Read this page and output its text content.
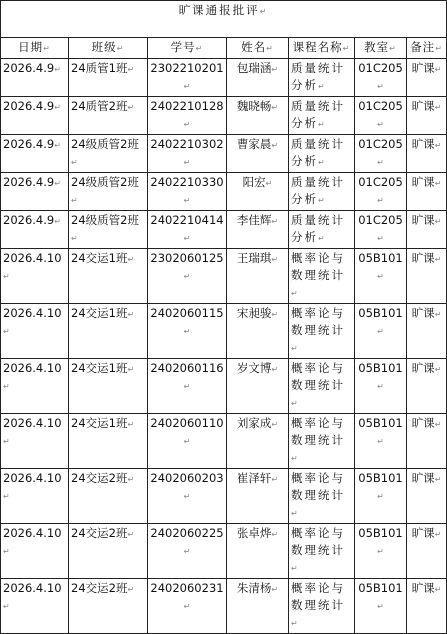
旷课通报批评↵						
日期↵	班级↵	学号↵	姓名↵	课程名称↵	教室↵	备注↵
2026.4.9↵	24质管1班↵	2302210201↵	包瑞涵↵	质量统计分析↵	01C205↵	旷课↵
2026.4.9↵	24质管2班↵	2402210128↵	魏晓畅↵	质量统计分析↵	01C205↵	旷课↵
2026.4.9↵	24级质管2班↵	2402210302↵	曹家晨↵	质量统计分析↵	01C205↵	旷课↵
2026.4.9↵	24级质管2班↵	2402210330↵	阳宏↵	质量统计分析↵	01C205↵	旷课↵
2026.4.9↵	24级质管2班↵	2402210414↵	李佳辉↵	质量统计分析↵	01C205↵	旷课↵
2026.4.10↵	24交运1班↵	2302060125↵	王瑞琪↵	概率论与数理统计↵	05B101↵	旷课↵
2026.4.10↵	24交运1班↵	2402060115↵	宋昶骏↵	概率论与数理统计↵	05B101↵	旷课↵
2026.4.10↵	24交运1班↵	2402060116↵	岁文博↵	概率论与数理统计↵	05B101↵	旷课↵
2026.4.10↵	24交运1班↵	2402060110↵	刘家成↵	概率论与数理统计↵	05B101↵	旷课↵
2026.4.10↵	24交运2班↵	2402060203↵	崔泽轩↵	概率论与数理统计↵	05B101↵	旷课↵
2026.4.10↵	24交运2班↵	2402060225↵	张卓烨↵	概率论与数理统计↵	05B101↵	旷课↵
2026.4.10↵	24交运2班↵	2402060231↵	朱清杨↵	概率论与数理统计↵	05B101↵	旷课↵
